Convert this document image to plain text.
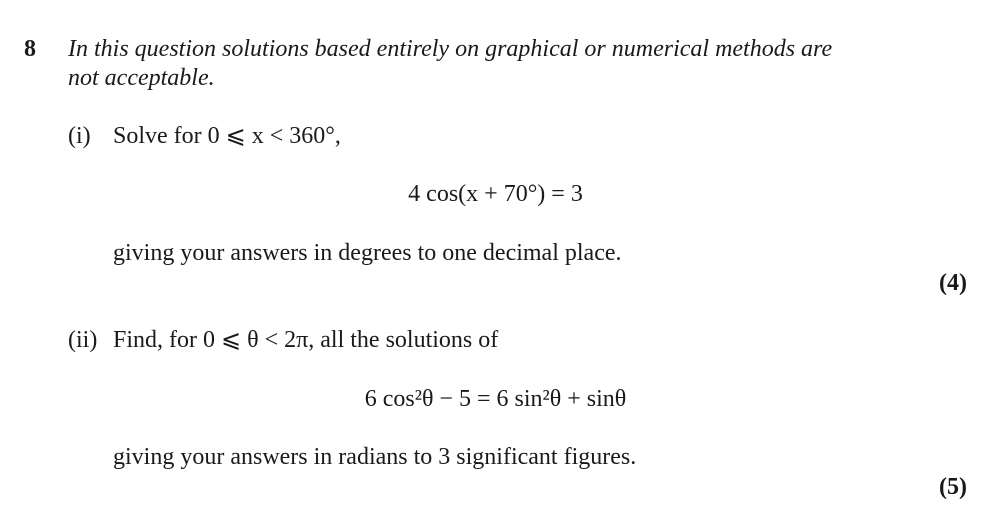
8 In this question solutions based entirely on graphical or numerical methods are
not acceptable.
(i) Solve for 0 ⩽ x < 360°,
4 cos(x + 70°) = 3
giving your answers in degrees to one decimal place.
(4)
(ii) Find, for 0 ⩽ θ < 2π, all the solutions of
6 cos²θ − 5 = 6 sin²θ + sinθ
giving your answers in radians to 3 significant figures.
(5)
